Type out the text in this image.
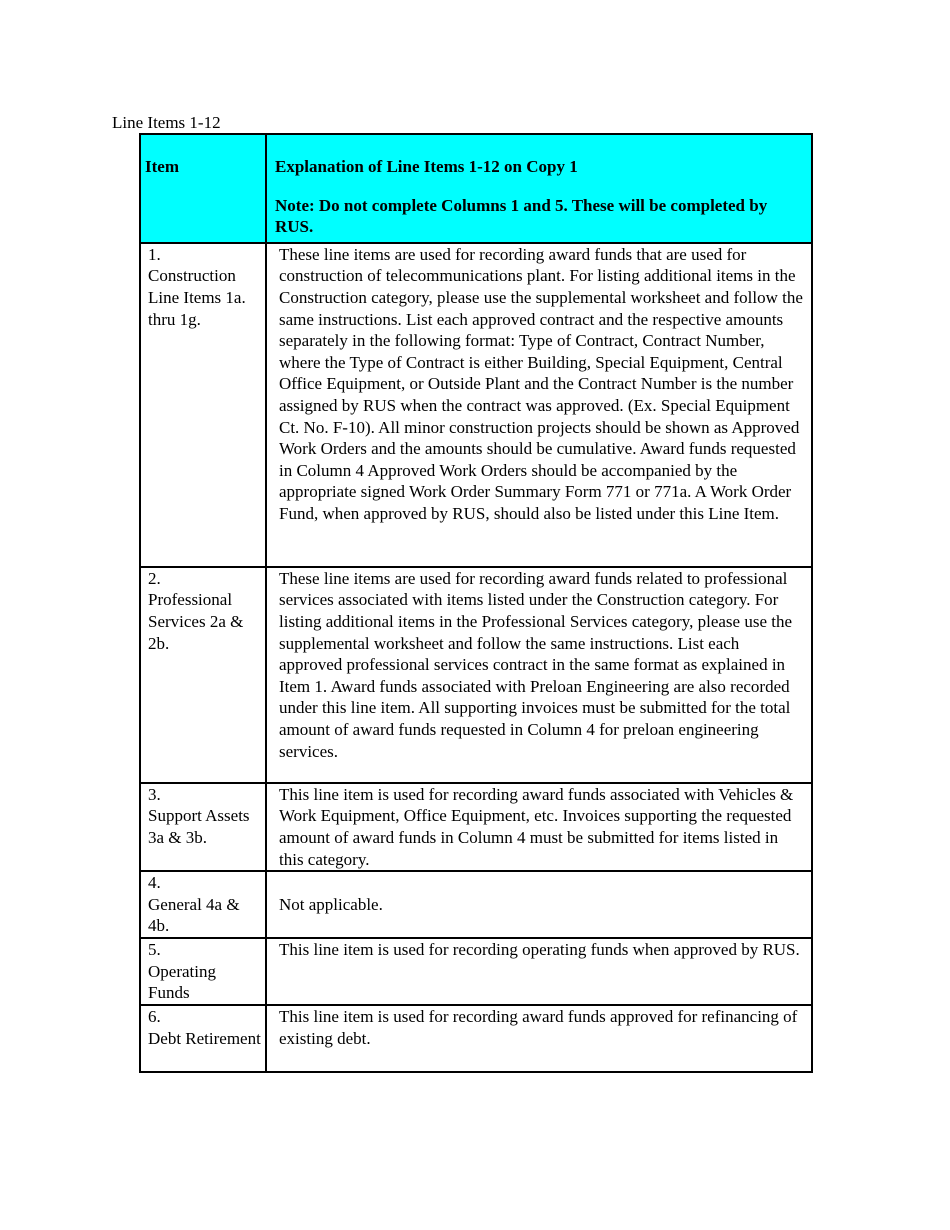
Line Items 1-12

Item	Explanation of Line Items 1-12 on Copy 1
Note: Do not complete Columns 1 and 5. These will be completed by RUS.

1.
Construction Line Items 1a. thru 1g.	These line items are used for recording award funds that are used for construction of telecommunications plant. For listing additional items in the Construction category, please use the supplemental worksheet and follow the same instructions. List each approved contract and the respective amounts separately in the following format: Type of Contract, Contract Number, where the Type of Contract is either Building, Special Equipment, Central Office Equipment, or Outside Plant and the Contract Number is the number assigned by RUS when the contract was approved. (Ex. Special Equipment Ct. No. F-10). All minor construction projects should be shown as Approved Work Orders and the amounts should be cumulative. Award funds requested in Column 4 Approved Work Orders should be accompanied by the appropriate signed Work Order Summary Form 771 or 771a. A Work Order Fund, when approved by RUS, should also be listed under this Line Item.

2.
Professional Services 2a & 2b.	These line items are used for recording award funds related to professional services associated with items listed under the Construction category. For listing additional items in the Professional Services category, please use the supplemental worksheet and follow the same instructions. List each approved professional services contract in the same format as explained in Item 1. Award funds associated with Preloan Engineering are also recorded under this line item. All supporting invoices must be submitted for the total amount of award funds requested in Column 4 for preloan engineering services.

3.
Support Assets 3a & 3b.	This line item is used for recording award funds associated with Vehicles & Work Equipment, Office Equipment, etc. Invoices supporting the requested amount of award funds in Column 4 must be submitted for items listed in this category.

4.
General 4a & 4b.	Not applicable.

5.
Operating Funds	This line item is used for recording operating funds when approved by RUS.

6.
Debt Retirement	This line item is used for recording award funds approved for refinancing of existing debt.
